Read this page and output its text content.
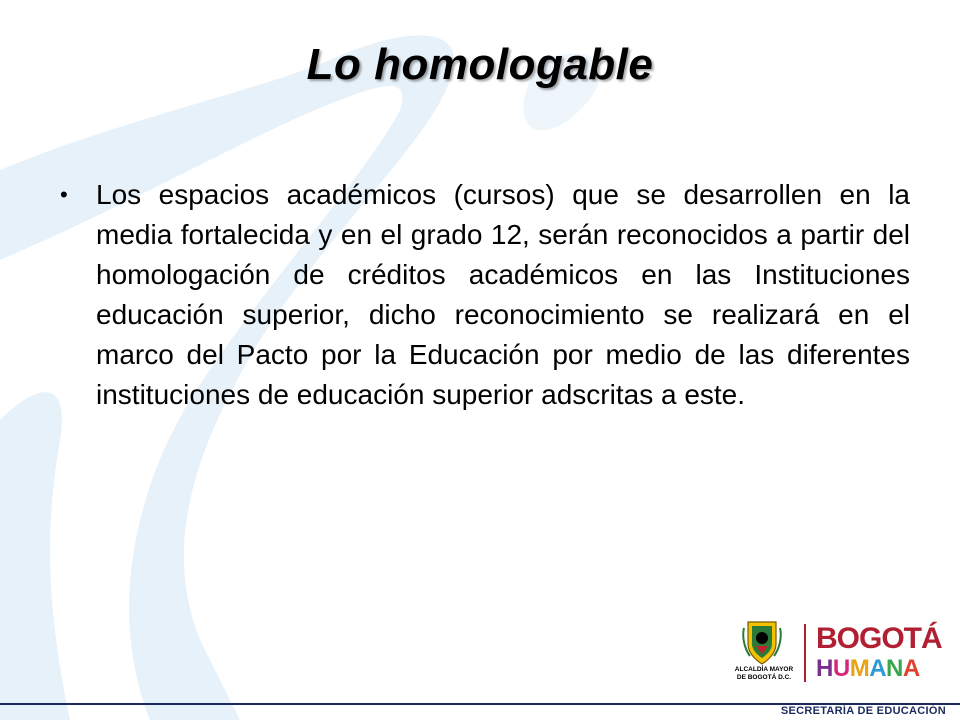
Lo homologable
•	Los espacios académicos (cursos) que se desarrollen en la media fortalecida y en el grado 12, serán reconocidos a partir del homologación de créditos académicos en las Instituciones educación superior, dicho reconocimiento se realizará en el marco del Pacto por la Educación por medio de las diferentes instituciones de educación superior adscritas a este.
ALCALDÍA MAYOR
DE BOGOTÁ D.C.
BOGOTÁ
HUMANA
SECRETARÍA DE EDUCACIÓN
